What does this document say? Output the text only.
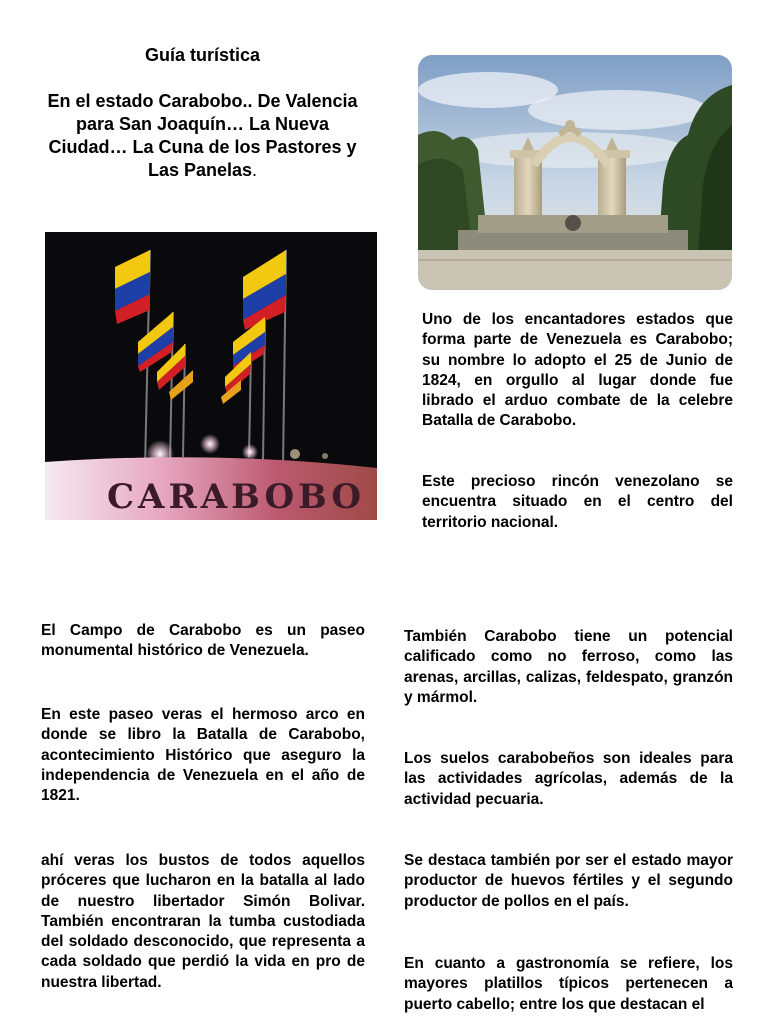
Guía turística
En el estado Carabobo.. De Valencia para San Joaquín… La Nueva Ciudad… La Cuna de los Pastores y Las Panelas.
CARABOBO

Uno de los encantadores estados que forma parte de Venezuela es Carabobo; su nombre lo adopto el 25 de Junio de 1824, en orgullo al lugar donde fue librado el arduo combate de la celebre Batalla de Carabobo.

Este precioso rincón venezolano se encuentra situado en el centro del territorio nacional.

El Campo de Carabobo es un paseo monumental histórico de Venezuela.

En este paseo veras el hermoso arco en donde se libro la Batalla de Carabobo, acontecimiento Histórico que aseguro la independencia de Venezuela en el año de 1821.

ahí veras los bustos de todos aquellos próceres que lucharon en la batalla al lado de nuestro libertador Simón Bolivar. También encontraran la tumba custodiada del soldado desconocido, que representa a cada soldado que perdió la vida en pro de nuestra libertad.

También Carabobo tiene un potencial calificado como no ferroso, como las arenas, arcillas, calizas, feldespato, granzón y mármol.

Los suelos carabobeños son ideales para las actividades agrícolas, además de la actividad pecuaria.

Se destaca también por ser el estado mayor productor de huevos fértiles y el segundo productor de pollos en el país.

En cuanto a gastronomía se refiere, los mayores platillos típicos pertenecen a puerto cabello; entre los que destacan el
